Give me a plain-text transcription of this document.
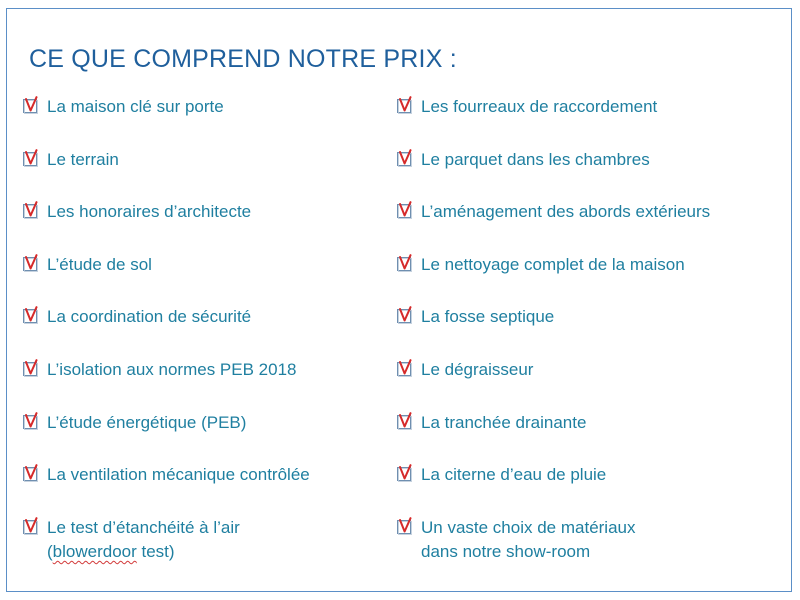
CE QUE COMPREND NOTRE PRIX :
La maison clé sur porte
Le terrain
Les honoraires d’architecte
L’étude de sol
La coordination de sécurité
L’isolation aux normes PEB 2018
L’étude énergétique (PEB)
La ventilation mécanique contrôlée
Le test d’étanchéité à l’air
(blowerdoor test)
Les fourreaux de raccordement
Le parquet dans les chambres
L’aménagement des abords extérieurs
Le nettoyage complet de la maison
La fosse septique
Le dégraisseur
La tranchée drainante
La citerne d’eau de pluie
Un vaste choix de matériaux
dans notre show-room
